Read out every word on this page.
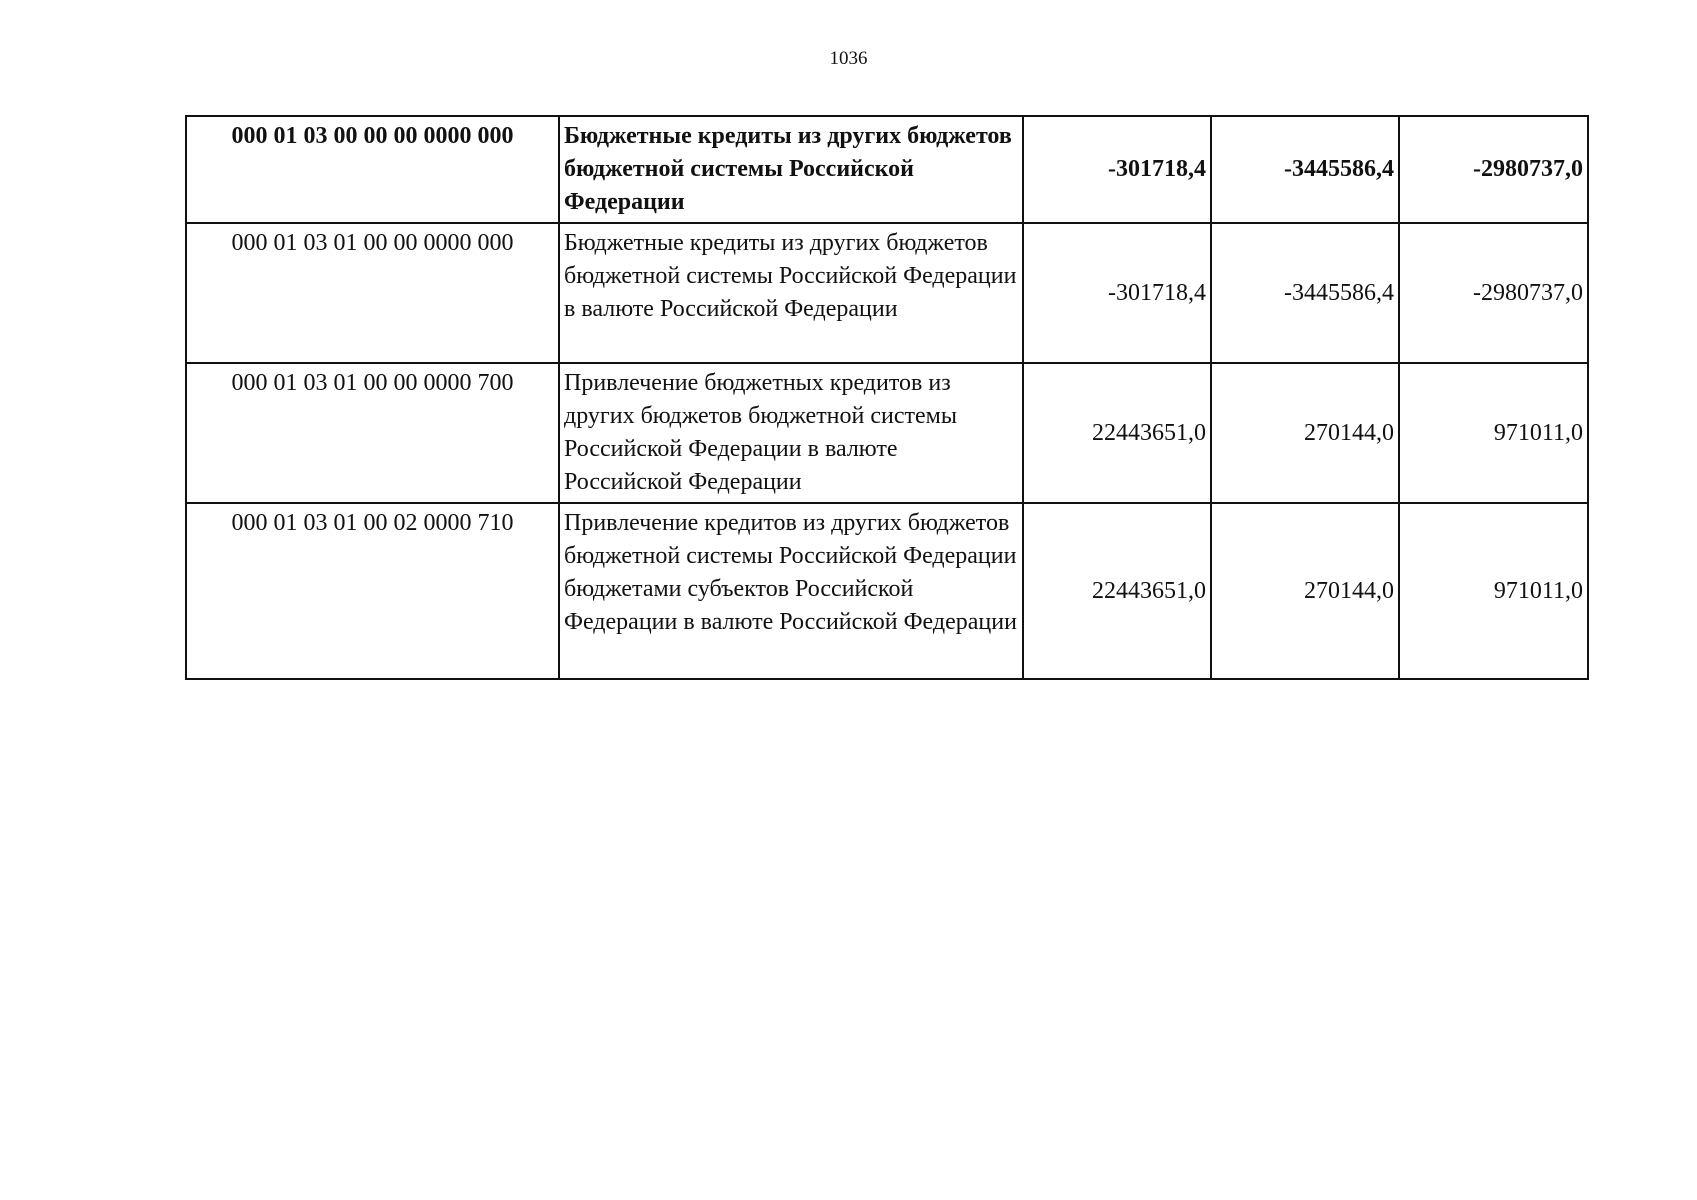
1036
000 01 03 00 00 00 0000 000	Бюджетные кредиты из других бюджетов бюджетной системы Российской Федерации	-301718,4	-3445586,4	-2980737,0
000 01 03 01 00 00 0000 000	Бюджетные кредиты из других бюджетов бюджетной системы Российской Федерации в валюте Российской Федерации	-301718,4	-3445586,4	-2980737,0
000 01 03 01 00 00 0000 700	Привлечение бюджетных кредитов из других бюджетов бюджетной системы Российской Федерации в валюте Российской Федерации	22443651,0	270144,0	971011,0
000 01 03 01 00 02 0000 710	Привлечение кредитов из других бюджетов бюджетной системы Российской Федерации бюджетами субъектов Российской Федерации в валюте Российской Федерации	22443651,0	270144,0	971011,0
